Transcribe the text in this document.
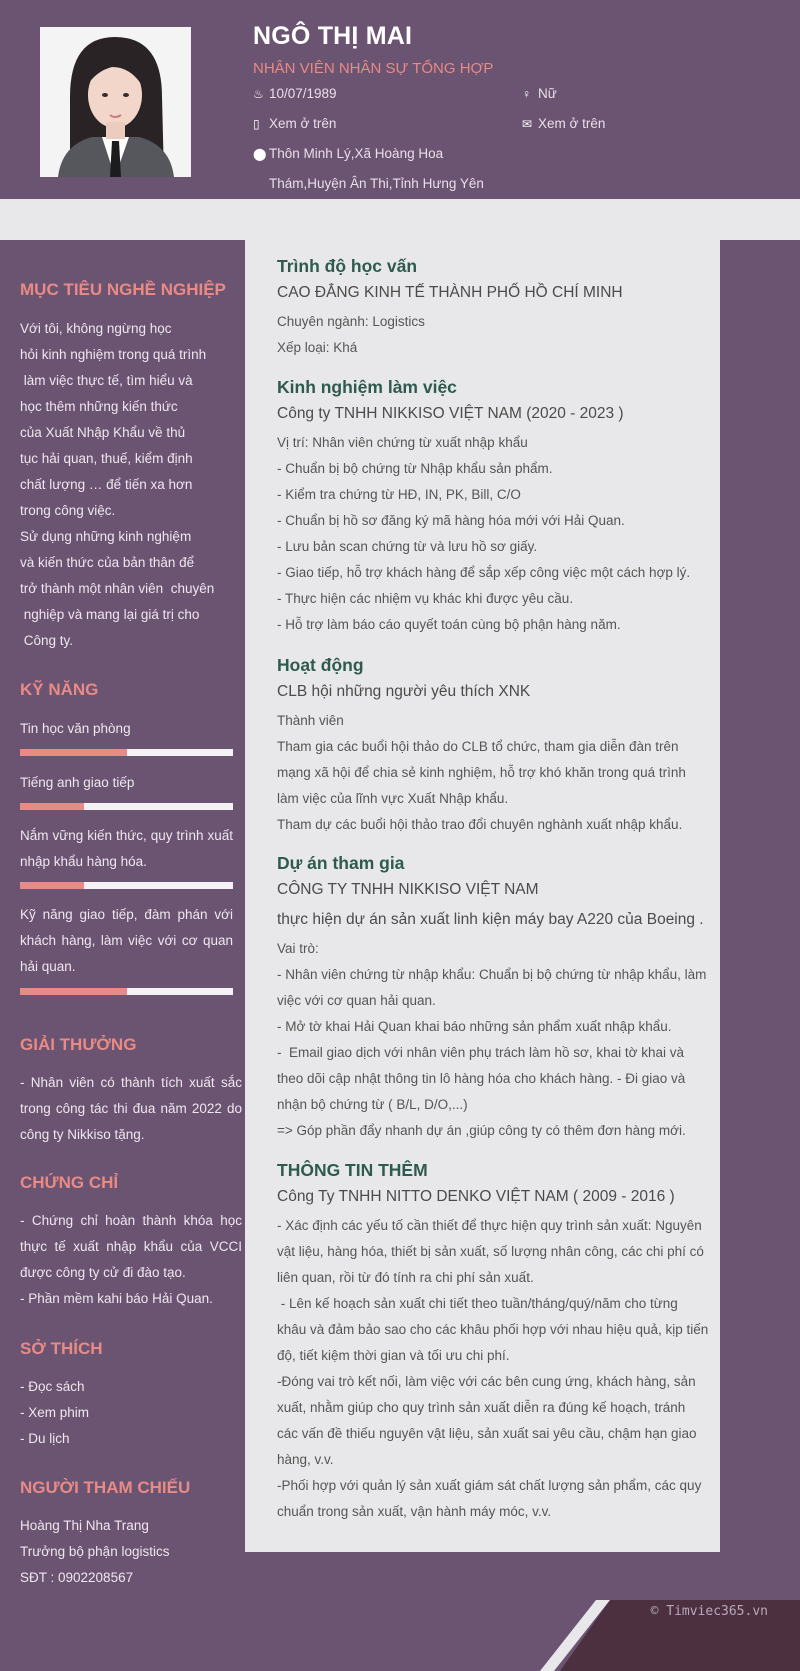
NGÔ THỊ MAI
NHÂN VIÊN NHÂN SỰ TỔNG HỢP
♨ 10/07/1989	♀ Nữ
▯ Xem ở trên	✉ Xem ở trên
⬤ Thôn Minh Lý,Xã Hoàng Hoa
Thám,Huyện Ân Thi,Tỉnh Hưng Yên
MỤC TIÊU NGHỀ NGHIỆP
Với tôi, không ngừng học
hỏi kinh nghiệm trong quá trình
làm việc thực tế, tìm hiểu và
học thêm những kiến thức
của Xuất Nhập Khẩu về thủ
tục hải quan, thuế, kiểm định
chất lượng … để tiến xa hơn
trong công việc.
Sử dụng những kinh nghiệm
và kiến thức của bản thân để
trở thành một nhân viên  chuyên
nghiệp và mang lại giá trị cho
Công ty.
KỸ NĂNG
Tin học văn phòng
Tiếng anh giao tiếp
Nắm vững kiến thức, quy trình xuất nhập khẩu hàng hóa.
Kỹ năng giao tiếp, đàm phán với khách hàng, làm việc với cơ quan hải quan.
GIẢI THƯỞNG
- Nhân viên có thành tích xuất sắc trong công tác thi đua năm 2022 do công ty Nikkiso tặng.
CHỨNG CHỈ
- Chứng chỉ hoàn thành khóa học thực tế xuất nhập khẩu của VCCI được công ty cử đi đào tạo.
- Phần mềm kahi báo Hải Quan.
SỞ THÍCH
- Đọc sách
- Xem phim
- Du lịch
NGƯỜI THAM CHIẾU
Hoàng Thị Nha Trang
Trưởng bộ phận logistics
SĐT : 0902208567
Trình độ học vấn
CAO ĐẲNG KINH TẾ THÀNH PHỐ HỒ CHÍ MINH
Chuyên ngành: Logistics
Xếp loại: Khá
Kinh nghiệm làm việc
Công ty TNHH NIKKISO VIỆT NAM (2020 - 2023 )
Vị trí: Nhân viên chứng từ xuất nhập khẩu
- Chuẩn bị bộ chứng từ Nhập khẩu sản phẩm.
- Kiểm tra chứng từ HĐ, IN, PK, Bill, C/O
- Chuẩn bị hồ sơ đăng ký mã hàng hóa mới với Hải Quan.
- Lưu bản scan chứng từ và lưu hồ sơ giấy.
- Giao tiếp, hỗ trợ khách hàng để sắp xếp công việc một cách hợp lý.
- Thực hiện các nhiệm vụ khác khi được yêu cầu.
- Hỗ trợ làm báo cáo quyết toán cùng bộ phận hàng năm.
Hoạt động
CLB hội những người yêu thích XNK
Thành viên
Tham gia các buổi hội thảo do CLB tổ chức, tham gia diễn đàn trên
mạng xã hội để chia sẻ kinh nghiệm, hỗ trợ khó khăn trong quá trình
làm việc của lĩnh vực Xuất Nhập khẩu.
Tham dự các buổi hội thảo trao đổi chuyên nghành xuất nhập khẩu.
Dự án tham gia
CÔNG TY TNHH NIKKISO VIỆT NAM
thực hiện dự án sản xuất linh kiện máy bay A220 của Boeing .
Vai trò:
- Nhân viên chứng từ nhập khẩu: Chuẩn bị bộ chứng từ nhập khẩu, làm
việc với cơ quan hải quan.
- Mở tờ khai Hải Quan khai báo những sản phẩm xuất nhập khẩu.
-  Email giao dịch với nhân viên phụ trách làm hồ sơ, khai tờ khai và
theo dõi cập nhật thông tin lô hàng hóa cho khách hàng. - Đi giao và
nhận bộ chứng từ ( B/L, D/O,...)
=> Góp phần đẩy nhanh dự án ,giúp công ty có thêm đơn hàng mới.
THÔNG TIN THÊM
Công Ty TNHH NITTO DENKO VIỆT NAM ( 2009 - 2016 )
- Xác định các yếu tố cần thiết để thực hiện quy trình sản xuất: Nguyên
vật liệu, hàng hóa, thiết bị sản xuất, số lượng nhân công, các chi phí có
liên quan, rồi từ đó tính ra chi phí sản xuất.
- Lên kế hoạch sản xuất chi tiết theo tuần/tháng/quý/năm cho từng
khâu và đảm bảo sao cho các khâu phối hợp với nhau hiệu quả, kịp tiến
độ, tiết kiệm thời gian và tối ưu chi phí.
-Đóng vai trò kết nối, làm việc với các bên cung ứng, khách hàng, sản
xuất, nhằm giúp cho quy trình sản xuất diễn ra đúng kế hoạch, tránh
các vấn đề thiếu nguyên vật liệu, sản xuất sai yêu cầu, chậm hạn giao
hàng, v.v.
-Phối hợp với quản lý sản xuất giám sát chất lượng sản phẩm, các quy
chuẩn trong sản xuất, vận hành máy móc, v.v.
© Timviec365.vn
